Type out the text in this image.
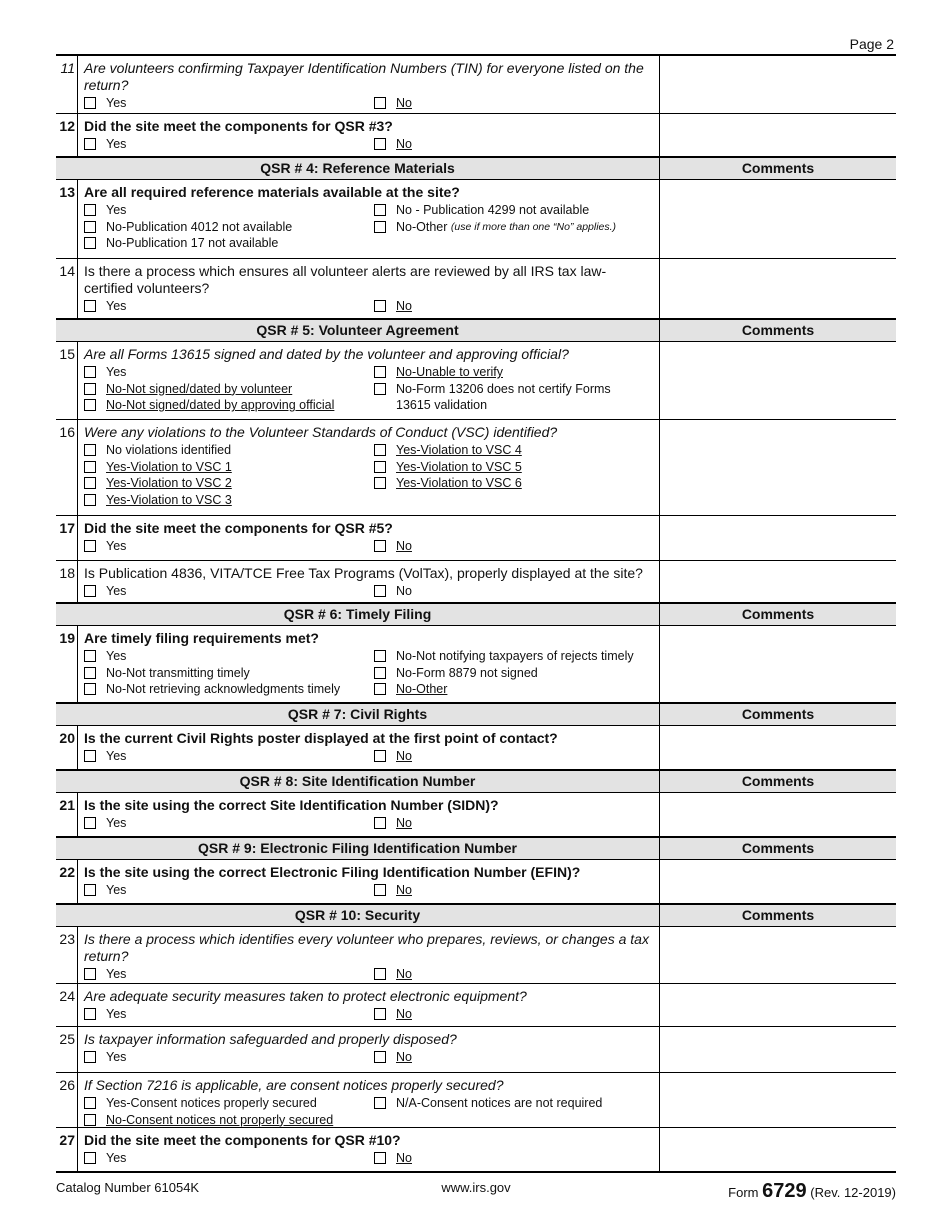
Page 2
11 Are volunteers confirming Taxpayer Identification Numbers (TIN) for everyone listed on the return?
Yes	No
12 Did the site meet the components for QSR #3?
Yes	No
QSR # 4: Reference Materials	Comments
13 Are all required reference materials available at the site?
Yes	No - Publication 4299 not available
No-Publication 4012 not available	No-Other
(use if more than one “No” applies.)
No-Publication 17 not available
14 Is there a process which ensures all volunteer alerts are reviewed by all IRS tax law-certified volunteers?
Yes	No
QSR # 5: Volunteer Agreement	Comments
15 Are all Forms 13615 signed and dated by the volunteer and approving official?
Yes	No-Unable to verify
No-Not signed/dated by volunteer	No-Form 13206 does not certify Forms 13615 validation
No-Not signed/dated by approving official
16 Were any violations to the Volunteer Standards of Conduct (VSC) identified?
No violations identified	Yes-Violation to VSC 4
Yes-Violation to VSC 1	Yes-Violation to VSC 5
Yes-Violation to VSC 2	Yes-Violation to VSC 6
Yes-Violation to VSC 3
17 Did the site meet the components for QSR #5?
Yes	No
18 Is Publication 4836, VITA/TCE Free Tax Programs (VolTax), properly displayed at the site?
Yes	No
QSR # 6: Timely Filing	Comments
19 Are timely filing requirements met?
Yes	No-Not notifying taxpayers of rejects timely
No-Not transmitting timely	No-Form 8879 not signed
No-Not retrieving acknowledgments timely	No-Other
QSR # 7: Civil Rights	Comments
20 Is the current Civil Rights poster displayed at the first point of contact?
Yes	No
QSR # 8: Site Identification Number	Comments
21 Is the site using the correct Site Identification Number (SIDN)?
Yes	No
QSR # 9: Electronic Filing Identification Number	Comments
22 Is the site using the correct Electronic Filing Identification Number (EFIN)?
Yes	No
QSR # 10: Security	Comments
23 Is there a process which identifies every volunteer who prepares, reviews, or changes a tax return?
Yes	No
24 Are adequate security measures taken to protect electronic equipment?
Yes	No
25 Is taxpayer information safeguarded and properly disposed?
Yes	No
26 If Section 7216 is applicable, are consent notices properly secured?
Yes-Consent notices properly secured	N/A-Consent notices are not required
No-Consent notices not properly secured
27 Did the site meet the components for QSR #10?
Yes	No
Catalog Number 61054K	www.irs.gov	Form 6729 (Rev. 12-2019)
